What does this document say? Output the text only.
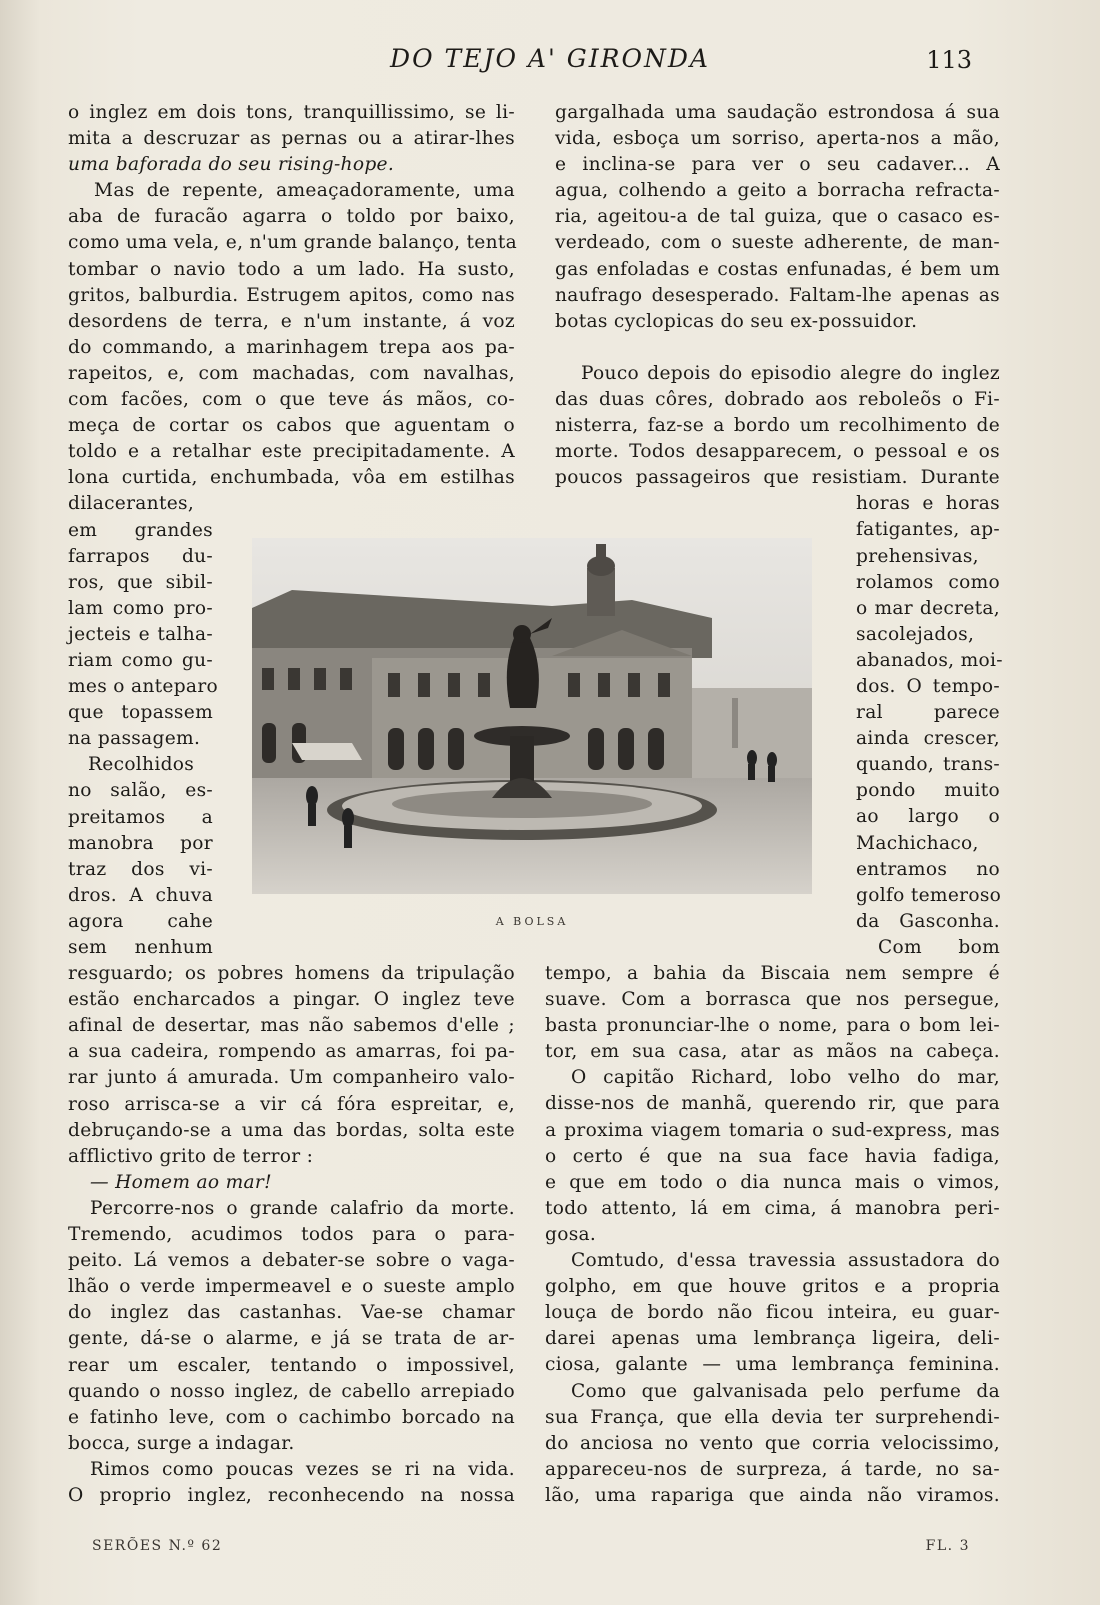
DO TEJO A' GIRONDA	113
o inglez em dois tons, tranquillissimo, se li-
mita a descruzar as pernas ou a atirar-lhes
uma baforada do seu rising-hope.
Mas de repente, ameaçadoramente, uma
aba de furacão agarra o toldo por baixo,
como uma vela, e, n'um grande balanço, tenta
tombar o navio todo a um lado. Ha susto,
gritos, balburdia. Estrugem apitos, como nas
desordens de terra, e n'um instante, á voz
do commando, a marinhagem trepa aos pa-
rapeitos, e, com machadas, com navalhas,
com facões, com o que teve ás mãos, co-
meça de cortar os cabos que aguentam o
toldo e a retalhar este precipitadamente. A
lona curtida, enchumbada, vôa em estilhas
dilacerantes,
em grandes
farrapos du-
ros, que sibil-
lam como pro-
jecteis e talha-
riam como gu-
mes o anteparo
que topassem
na passagem.
Recolhidos
no salão, es-
preitamos a
manobra por
traz dos vi-
dros. A chuva
agora cahe
sem nenhum
resguardo; os pobres homens da tripulação
estão encharcados a pingar. O inglez teve
afinal de desertar, mas não sabemos d'elle ;
a sua cadeira, rompendo as amarras, foi pa-
rar junto á amurada. Um companheiro valo-
roso arrisca-se a vir cá fóra espreitar, e,
debruçando-se a uma das bordas, solta este
afflictivo grito de terror :
— Homem ao mar!
Percorre-nos o grande calafrio da morte.
Tremendo, acudimos todos para o para-
peito. Lá vemos a debater-se sobre o vaga-
lhão o verde impermeavel e o sueste amplo
do inglez das castanhas. Vae-se chamar
gente, dá-se o alarme, e já se trata de ar-
rear um escaler, tentando o impossivel,
quando o nosso inglez, de cabello arrepiado
e fatinho leve, com o cachimbo borcado na
bocca, surge a indagar.
Rimos como poucas vezes se ri na vida.
O proprio inglez, reconhecendo na nossa
gargalhada uma saudação estrondosa á sua
vida, esboça um sorriso, aperta-nos a mão,
e inclina-se para ver o seu cadaver... A
agua, colhendo a geito a borracha refracta-
ria, ageitou-a de tal guiza, que o casaco es-
verdeado, com o sueste adherente, de man-
gas enfoladas e costas enfunadas, é bem um
naufrago desesperado. Faltam-lhe apenas as
botas cyclopicas do seu ex-possuidor.
Pouco depois do episodio alegre do inglez
das duas côres, dobrado aos reboleõs o Fi-
nisterra, faz-se a bordo um recolhimento de
morte. Todos desapparecem, o pessoal e os
poucos passageiros que resistiam. Durante
horas e horas
fatigantes, ap-
prehensivas,
rolamos como
o mar decreta,
sacolejados,
abanados, moi-
dos. O tempo-
ral parece
ainda crescer,
quando, trans-
pondo muito
ao largo o
Machichaco,
entramos no
golfo temeroso
da Gasconha.
Com bom
tempo, a bahia da Biscaia nem sempre é
suave. Com a borrasca que nos persegue,
basta pronunciar-lhe o nome, para o bom lei-
tor, em sua casa, atar as mãos na cabeça.
O capitão Richard, lobo velho do mar,
disse-nos de manhã, querendo rir, que para
a proxima viagem tomaria o sud-express, mas
o certo é que na sua face havia fadiga,
e que em todo o dia nunca mais o vimos,
todo attento, lá em cima, á manobra peri-
gosa.
Comtudo, d'essa travessia assustadora do
golpho, em que houve gritos e a propria
louça de bordo não ficou inteira, eu guar-
darei apenas uma lembrança ligeira, deli-
ciosa, galante — uma lembrança feminina.
Como que galvanisada pelo perfume da
sua França, que ella devia ter surprehendi-
do anciosa no vento que corria velocissimo,
appareceu-nos de surpreza, á tarde, no sa-
lão, uma rapariga que ainda não viramos.
A BOLSA
SERÕES N.º 62	FL. 3
